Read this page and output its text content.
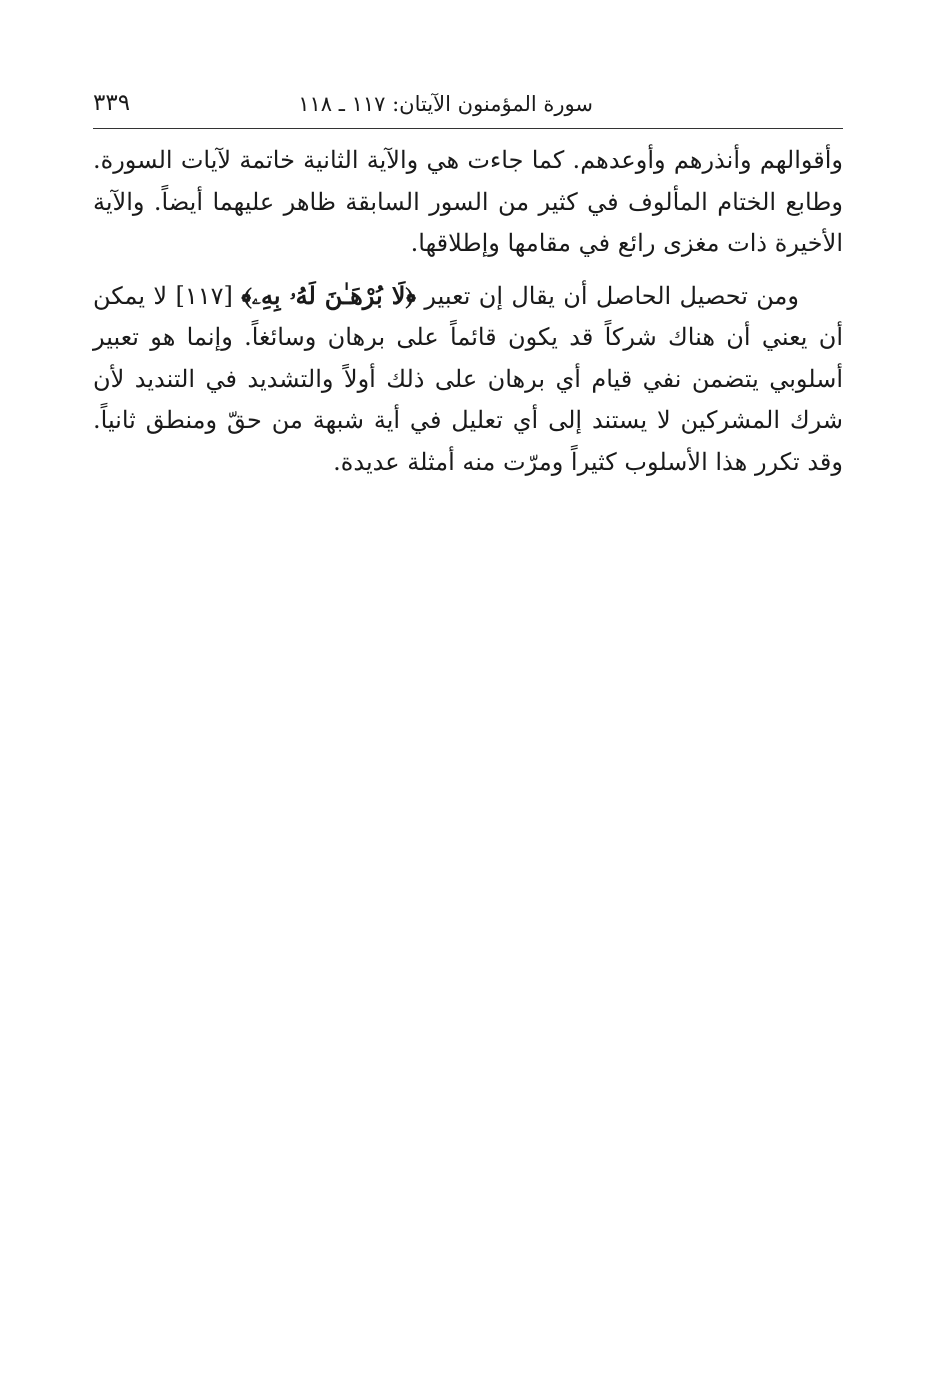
سورة المؤمنون الآيتان: ١١٧ ـ ١١٨
٣٣٩

وأقوالهم وأنذرهم وأوعدهم. كما جاءت هي والآية الثانية خاتمة لآيات السورة. وطابع الختام المألوف في كثير من السور السابقة ظاهر عليهما أيضاً. والآية الأخيرة ذات مغزى رائع في مقامها وإطلاقها.

ومن تحصيل الحاصل أن يقال إن تعبير ﴿لَا بُرْهَـٰنَ لَهُۥ بِهِۦ﴾ [١١٧] لا يمكن أن يعني أن هناك شركاً قد يكون قائماً على برهان وسائغاً. وإنما هو تعبير أسلوبي يتضمن نفي قيام أي برهان على ذلك أولاً والتشديد في التنديد لأن شرك المشركين لا يستند إلى أي تعليل في أية شبهة من حقّ ومنطق ثانياً. وقد تكرر هذا الأسلوب كثيراً ومرّت منه أمثلة عديدة.
